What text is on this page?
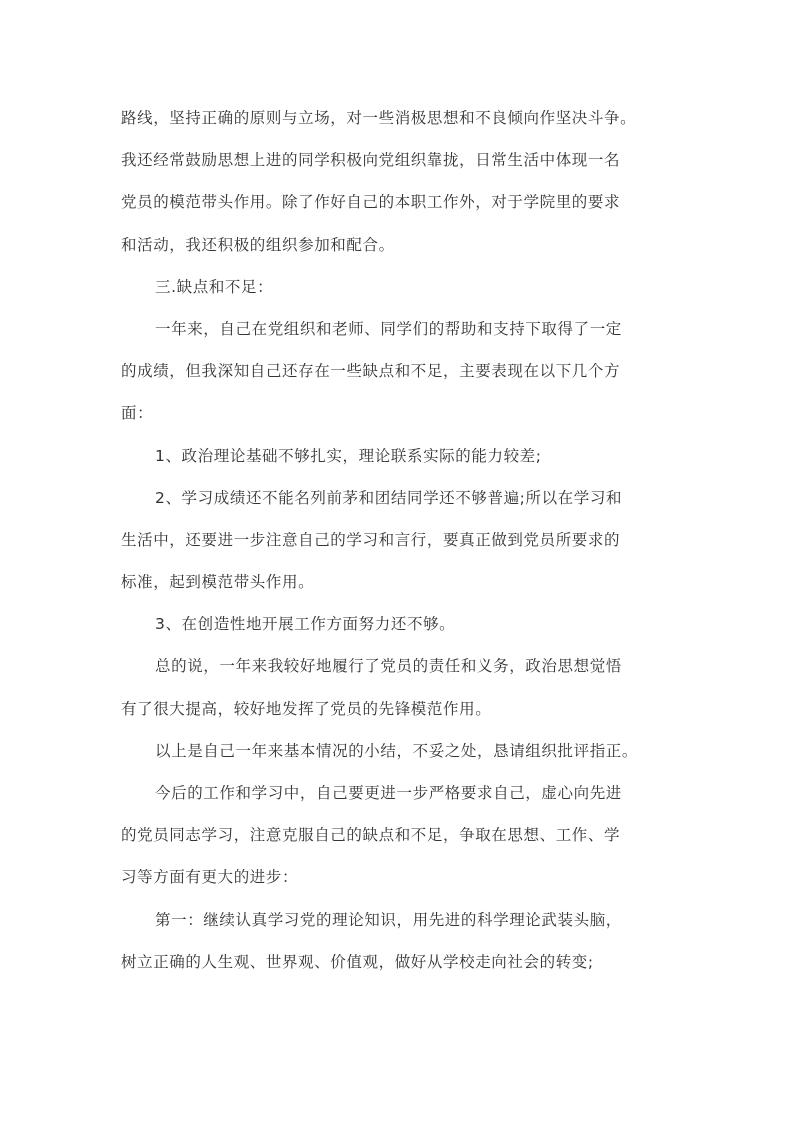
路线，坚持正确的原则与立场，对一些消极思想和不良倾向作坚决斗争。
我还经常鼓励思想上进的同学积极向党组织靠拢，日常生活中体现一名
党员的模范带头作用。除了作好自己的本职工作外，对于学院里的要求
和活动，我还积极的组织参加和配合。
三.缺点和不足：
一年来，自己在党组织和老师、同学们的帮助和支持下取得了一定
的成绩，但我深知自己还存在一些缺点和不足，主要表现在以下几个方
面：
1、政治理论基础不够扎实，理论联系实际的能力较差;
2、学习成绩还不能名列前茅和团结同学还不够普遍;所以在学习和
生活中，还要进一步注意自己的学习和言行，要真正做到党员所要求的
标准，起到模范带头作用。
3、在创造性地开展工作方面努力还不够。
总的说，一年来我较好地履行了党员的责任和义务，政治思想觉悟
有了很大提高，较好地发挥了党员的先锋模范作用。
以上是自己一年来基本情况的小结，不妥之处，恳请组织批评指正。
今后的工作和学习中，自己要更进一步严格要求自己，虚心向先进
的党员同志学习，注意克服自己的缺点和不足，争取在思想、工作、学
习等方面有更大的进步：
第一：继续认真学习党的理论知识，用先进的科学理论武装头脑，
树立正确的人生观、世界观、价值观，做好从学校走向社会的转变;
